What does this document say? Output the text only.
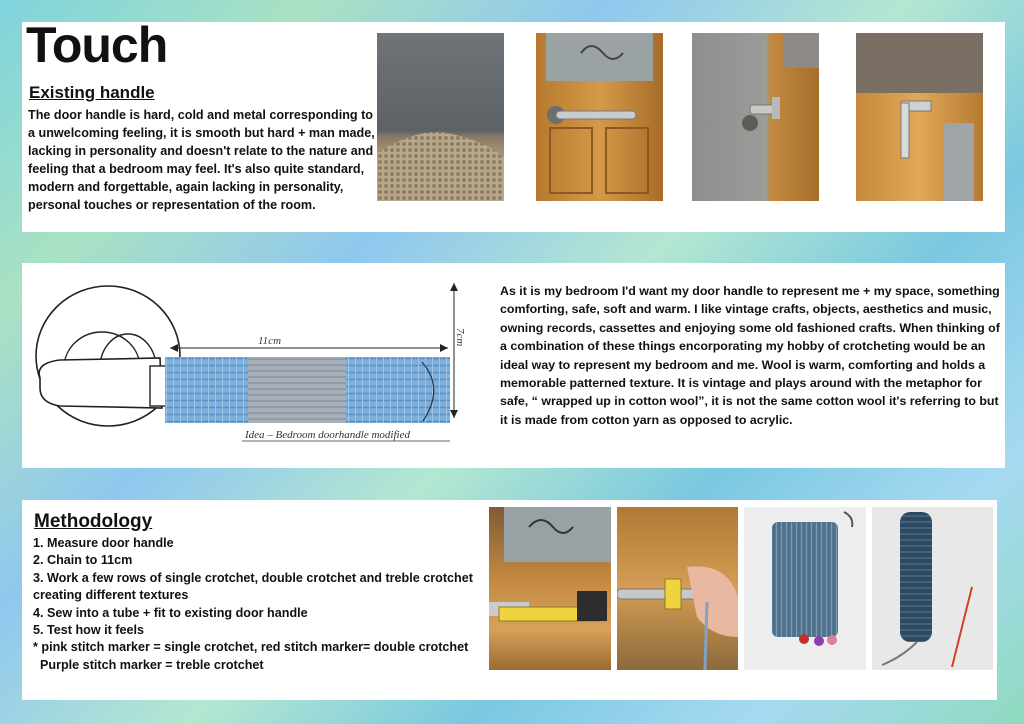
Touch
Existing handle
The door handle is hard, cold and metal corresponding to a unwelcoming feeling, it is smooth but hard + man made, lacking in personality and doesn't relate to the nature and feeling that a bedroom may feel. It's also quite standard, modern and forgettable, again lacking in personality, personal touches or representation of the room.
11cm	7cm
Idea – Bedroom doorhandle modified
As it is my bedroom I'd want my door handle to represent me + my space, something comforting, safe, soft and warm. I like vintage crafts, objects, aesthetics and music, owning records, cassettes and enjoying some old fashioned crafts. When thinking of a combination of these things encorporating my hobby of crotcheting would be an ideal way to represent my bedroom and me. Wool is warm, comforting and holds a memorable patterned texture. It is vintage and plays around with the metaphor for safe, “ wrapped up in cotton wool”, it is not the same cotton wool it's referring to but it is made from cotton yarn as opposed to acrylic.
Methodology
1. Measure door handle
2. Chain to 11cm
3. Work a few rows of single crotchet, double crotchet and treble crotchet
creating different textures
4. Sew into a tube + fit to existing door handle
5. Test how it feels
* pink stitch marker = single crotchet, red stitch marker= double crotchet
Purple stitch marker = treble crotchet
